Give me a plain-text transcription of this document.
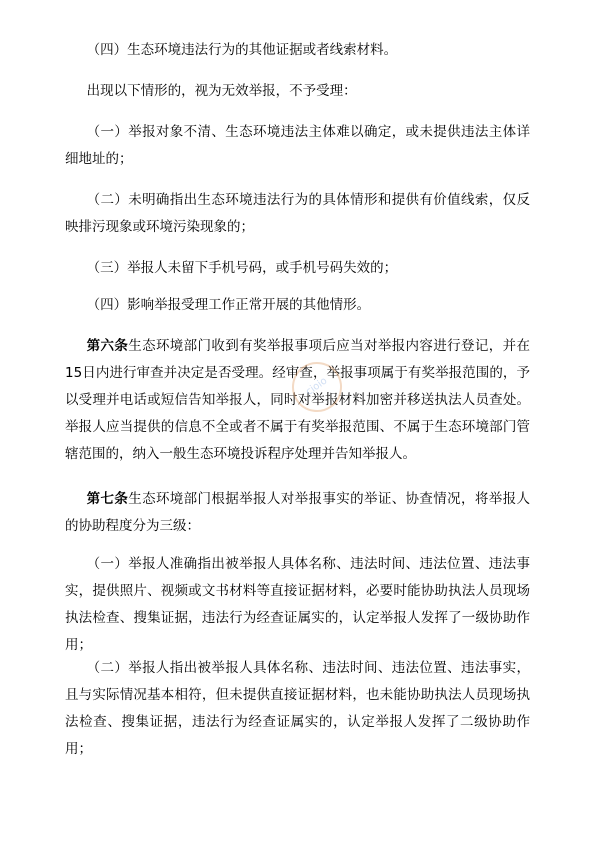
（四）生态环境违法行为的其他证据或者线索材料。

出现以下情形的，视为无效举报，不予受理：

（一）举报对象不清、生态环境违法主体难以确定，或未提供违法主体详细地址的；

（二）未明确指出生态环境违法行为的具体情形和提供有价值线索，仅反映排污现象或环境污染现象的；

（三）举报人未留下手机号码，或手机号码失效的；

（四）影响举报受理工作正常开展的其他情形。

第六条生态环境部门收到有奖举报事项后应当对举报内容进行登记，并在15日内进行审查并决定是否受理。经审查，举报事项属于有奖举报范围的，予以受理并电话或短信告知举报人，同时对举报材料加密并移送执法人员查处。举报人应当提供的信息不全或者不属于有奖举报范围、不属于生态环境部门管辖范围的，纳入一般生态环境投诉程序处理并告知举报人。

第七条生态环境部门根据举报人对举报事实的举证、协查情况，将举报人的协助程度分为三级：

（一）举报人准确指出被举报人具体名称、违法时间、违法位置、违法事实，提供照片、视频或文书材料等直接证据材料，必要时能协助执法人员现场执法检查、搜集证据，违法行为经查证属实的，认定举报人发挥了一级协助作用；

（二）举报人指出被举报人具体名称、违法时间、违法位置、违法事实，且与实际情况基本相符，但未提供直接证据材料，也未能协助执法人员现场执法检查、搜集证据，违法行为经查证属实的，认定举报人发挥了二级协助作用；

cioio
